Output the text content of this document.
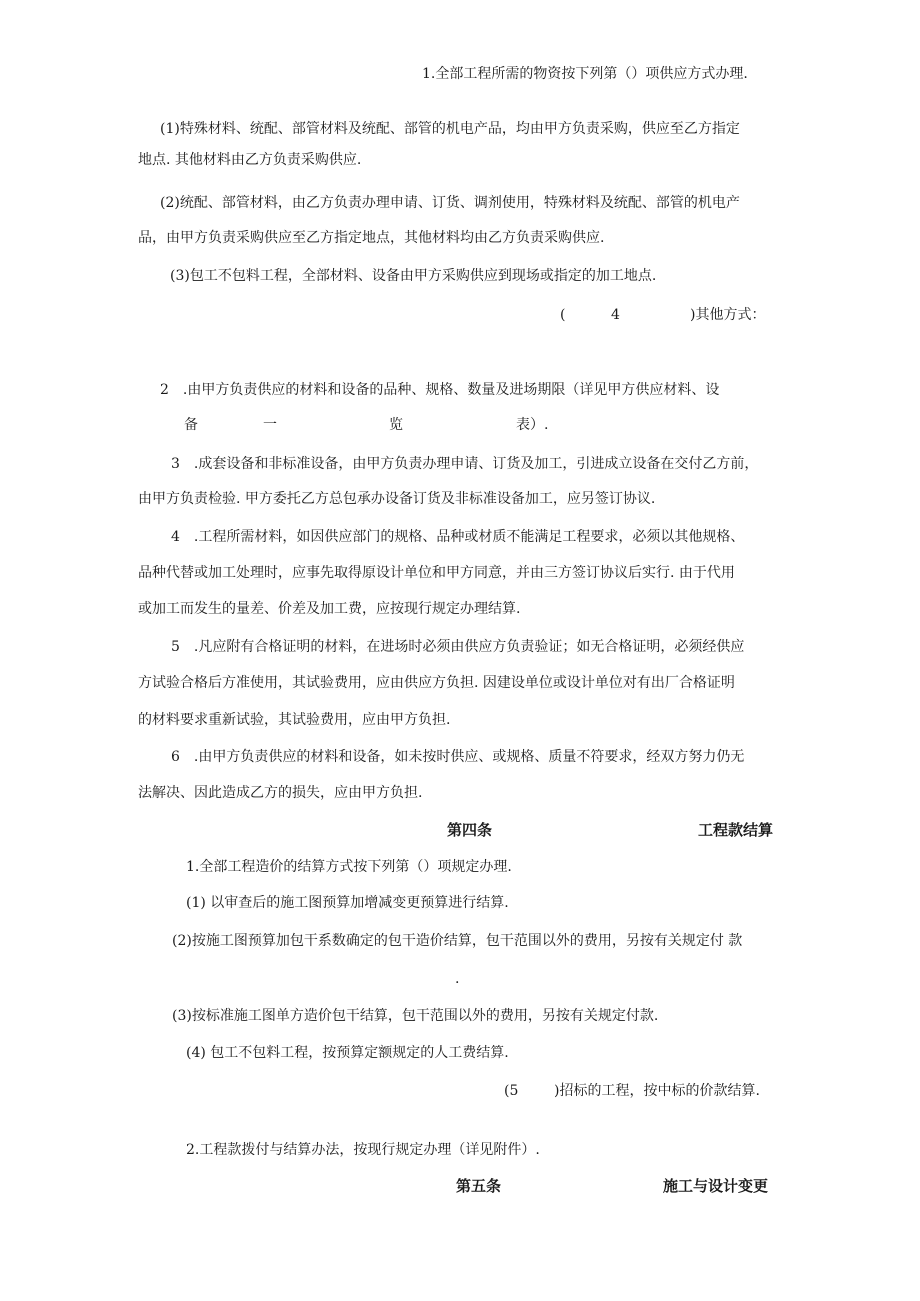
1.全部工程所需的物资按下列第（）项供应方式办理.
(1)特殊材料、统配、部管材料及统配、部管的机电产品，均由甲方负责采购，供应至乙方指定
地点. 其他材料由乙方负责采购供应.
(2)统配、部管材料，由乙方负责办理申请、订货、调剂使用，特殊材料及统配、部管的机电产
品，由甲方负责采购供应至乙方指定地点，其他材料均由乙方负责采购供应.
(3)包工不包料工程，全部材料、设备由甲方采购供应到现场或指定的加工地点.
(	4	)其他方式：
2　.由甲方负责供应的材料和设备的品种、规格、数量及进场期限（详见甲方供应材料、设
备	一	览	表）.
3　.成套设备和非标准设备，由甲方负责办理申请、订货及加工，引进成立设备在交付乙方前，
由甲方负责检验. 甲方委托乙方总包承办设备订货及非标准设备加工，应另签订协议.
4　.工程所需材料，如因供应部门的规格、品种或材质不能满足工程要求，必须以其他规格、
品种代替或加工处理时，应事先取得原设计单位和甲方同意，并由三方签订协议后实行. 由于代用
或加工而发生的量差、价差及加工费，应按现行规定办理结算.
5　.凡应附有合格证明的材料，在进场时必须由供应方负责验证；如无合格证明，必须经供应
方试验合格后方准使用，其试验费用，应由供应方负担. 因建设单位或设计单位对有出厂合格证明
的材料要求重新试验，其试验费用，应由甲方负担.
6　.由甲方负责供应的材料和设备，如未按时供应、或规格、质量不符要求，经双方努力仍无
法解决、因此造成乙方的损失，应由甲方负担.
第四条	工程款结算
1.全部工程造价的结算方式按下列第（）项规定办理.
(1) 以审查后的施工图预算加增减变更预算进行结算.
(2)按施工图预算加包干系数确定的包干造价结算，包干范围以外的费用，另按有关规定付 款
.
(3)按标准施工图单方造价包干结算，包干范围以外的费用，另按有关规定付款.
(4) 包工不包料工程，按预算定额规定的人工费结算.
(5	)招标的工程，按中标的价款结算.
2.工程款拨付与结算办法，按现行规定办理（详见附件）.
第五条	施工与设计变更
